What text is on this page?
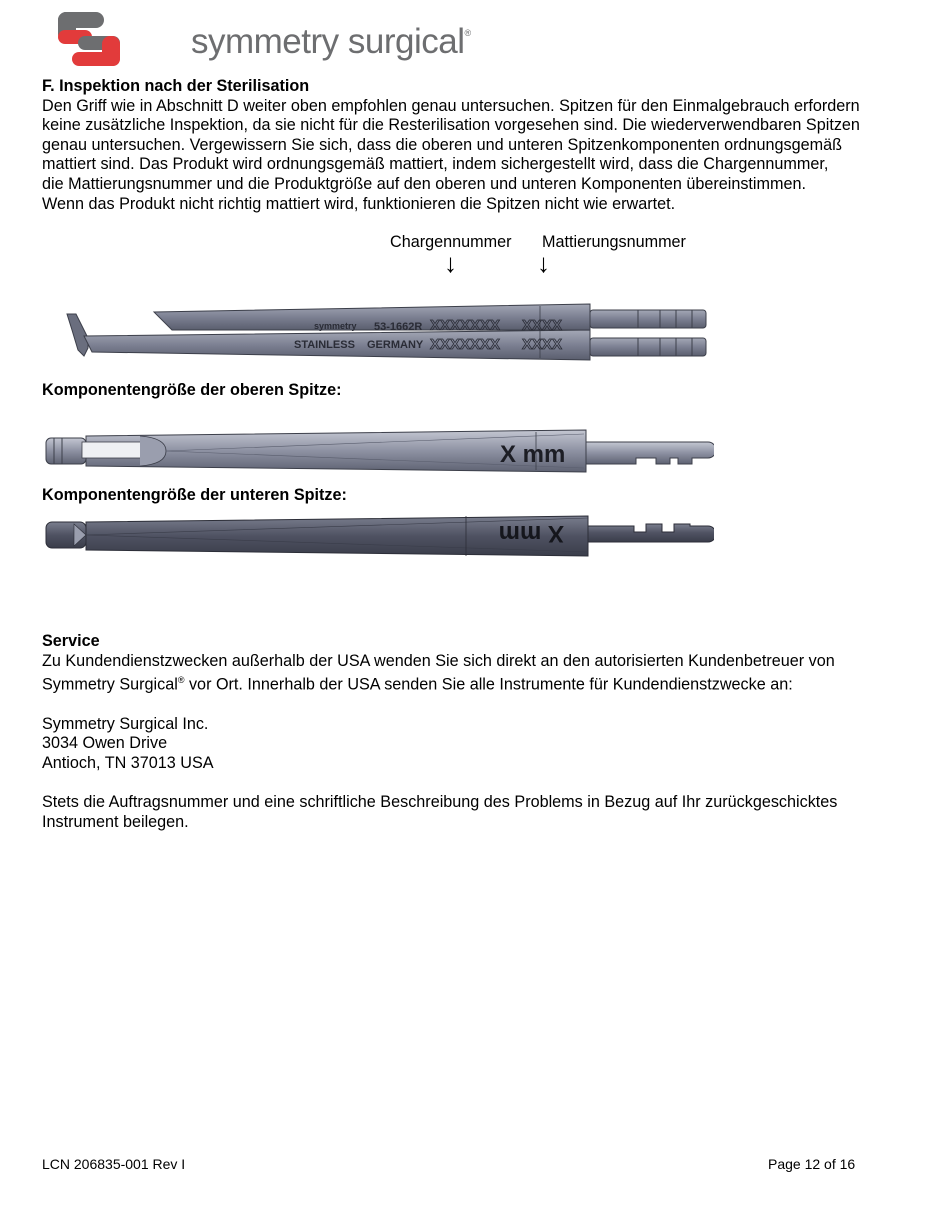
symmetry surgical®

F. Inspektion nach der Sterilisation

Den Griff wie in Abschnitt D weiter oben empfohlen genau untersuchen. Spitzen für den Einmalgebrauch erfordern

keine zusätzliche Inspektion, da sie nicht für die Resterilisation vorgesehen sind. Die wiederverwendbaren Spitzen

genau untersuchen. Vergewissern Sie sich, dass die oberen und unteren Spitzenkomponenten ordnungsgemäß

mattiert sind. Das Produkt wird ordnungsgemäß mattiert, indem sichergestellt wird, dass die Chargennummer,

die Mattierungsnummer und die Produktgröße auf den oberen und unteren Komponenten übereinstimmen.

Wenn das Produkt nicht richtig mattiert wird, funktionieren die Spitzen nicht wie erwartet.

Chargennummer Mattierungsnummer
↓	↓
symmetry 53-1662R XXXXXXX XXXX
STAINLESS GERMANY XXXXXXX XXXX
Komponentengröße der oberen Spitze:
X mm
Komponentengröße der unteren Spitze:
X mm

Service

Zu Kundendienstzwecken außerhalb der USA wenden Sie sich direkt an den autorisierten Kundenbetreuer von

Symmetry Surgical® vor Ort. Innerhalb der USA senden Sie alle Instrumente für Kundendienstzwecke an:

Symmetry Surgical Inc.

3034 Owen Drive

Antioch, TN 37013 USA

Stets die Auftragsnummer und eine schriftliche Beschreibung des Problems in Bezug auf Ihr zurückgeschicktes

Instrument beilegen.

LCN 206835-001 Rev I	Page 12 of 16
